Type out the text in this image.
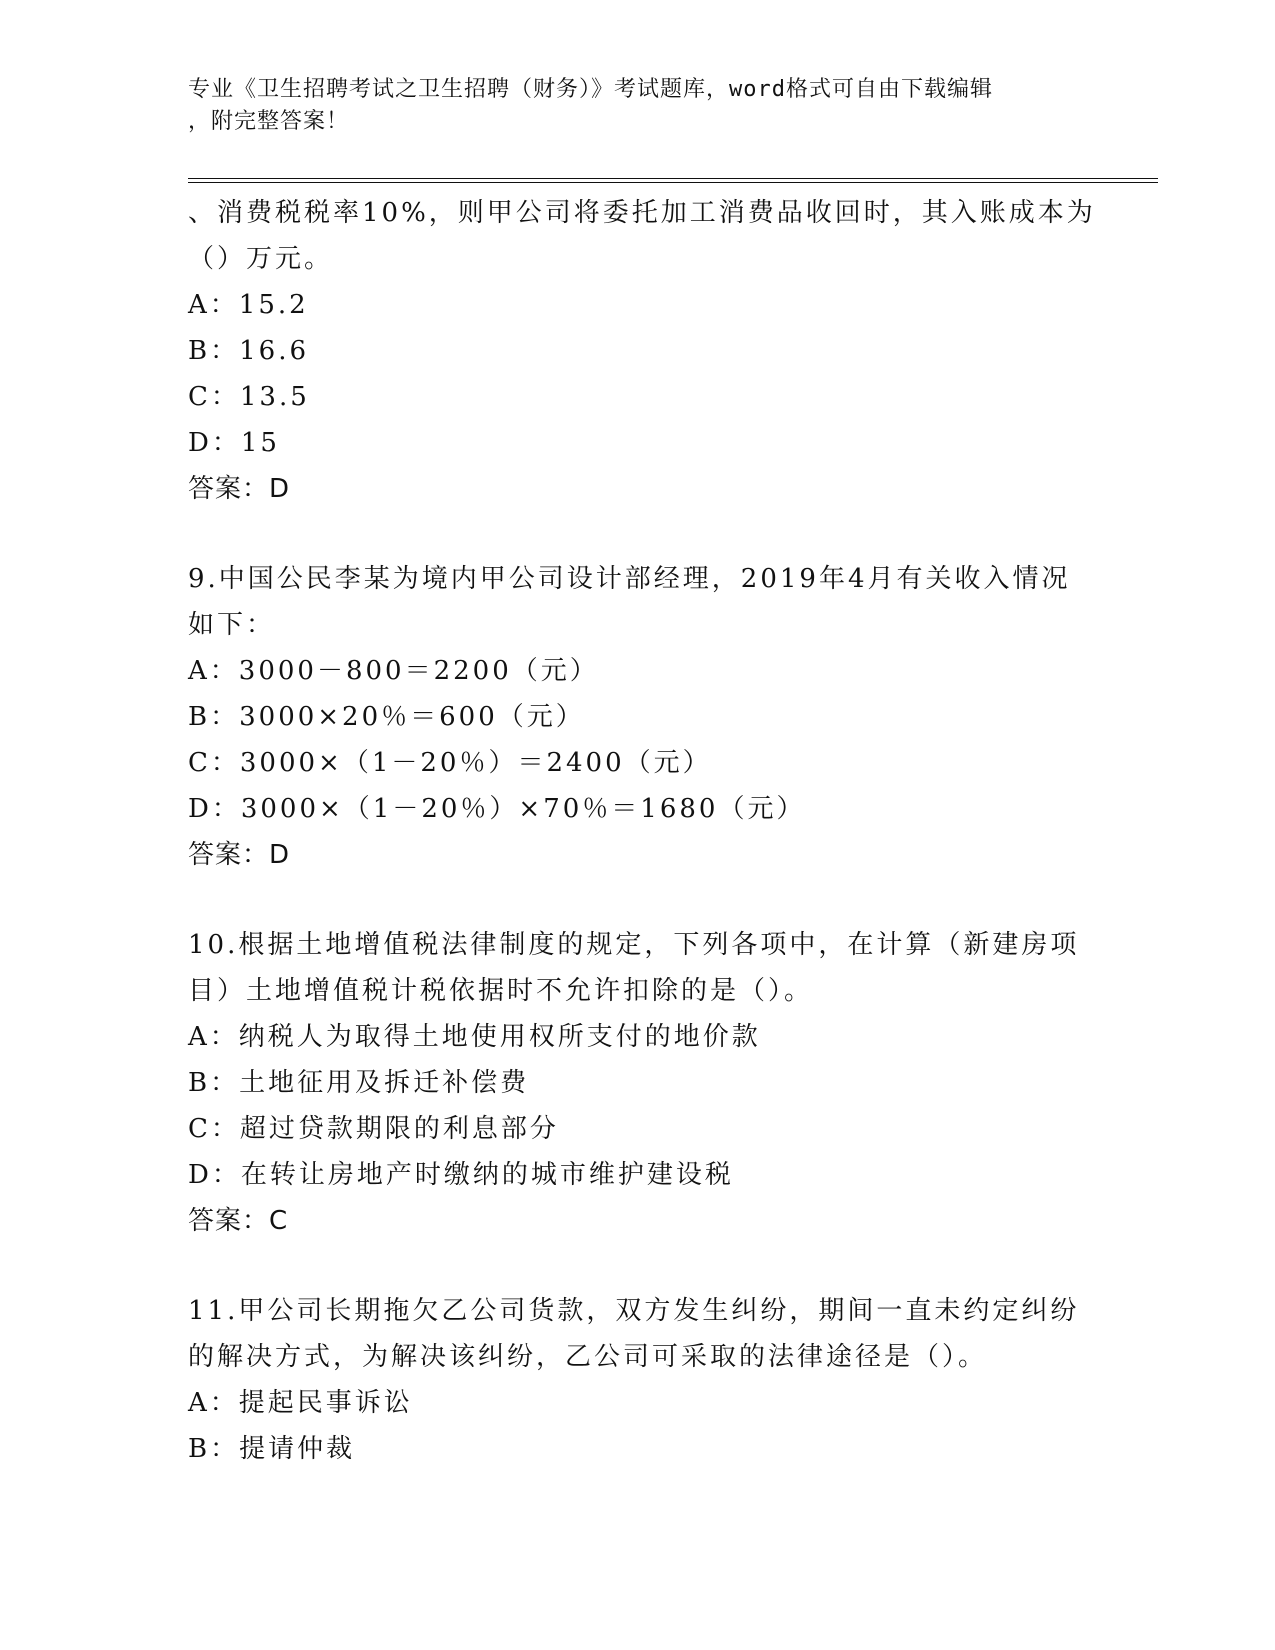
专业《卫生招聘考试之卫生招聘（财务）》考试题库，word格式可自由下载编辑
，附完整答案！
、消费税税率10%，则甲公司将委托加工消费品收回时，其入账成本为
（）万元。
A：15.2
B：16.6
C：13.5
D：15
答案：D
9.中国公民李某为境内甲公司设计部经理，2019年4月有关收入情况
如下：
A：3000－800＝2200（元）
B：3000×20％＝600（元）
C：3000×（1－20％）＝2400（元）
D：3000×（1－20％）×70％＝1680（元）
答案：D
10.根据土地增值税法律制度的规定，下列各项中，在计算（新建房项
目）土地增值税计税依据时不允许扣除的是（）。
A：纳税人为取得土地使用权所支付的地价款
B：土地征用及拆迁补偿费
C：超过贷款期限的利息部分
D：在转让房地产时缴纳的城市维护建设税
答案：C
11.甲公司长期拖欠乙公司货款，双方发生纠纷，期间一直未约定纠纷
的解决方式，为解决该纠纷，乙公司可采取的法律途径是（）。
A：提起民事诉讼
B：提请仲裁
